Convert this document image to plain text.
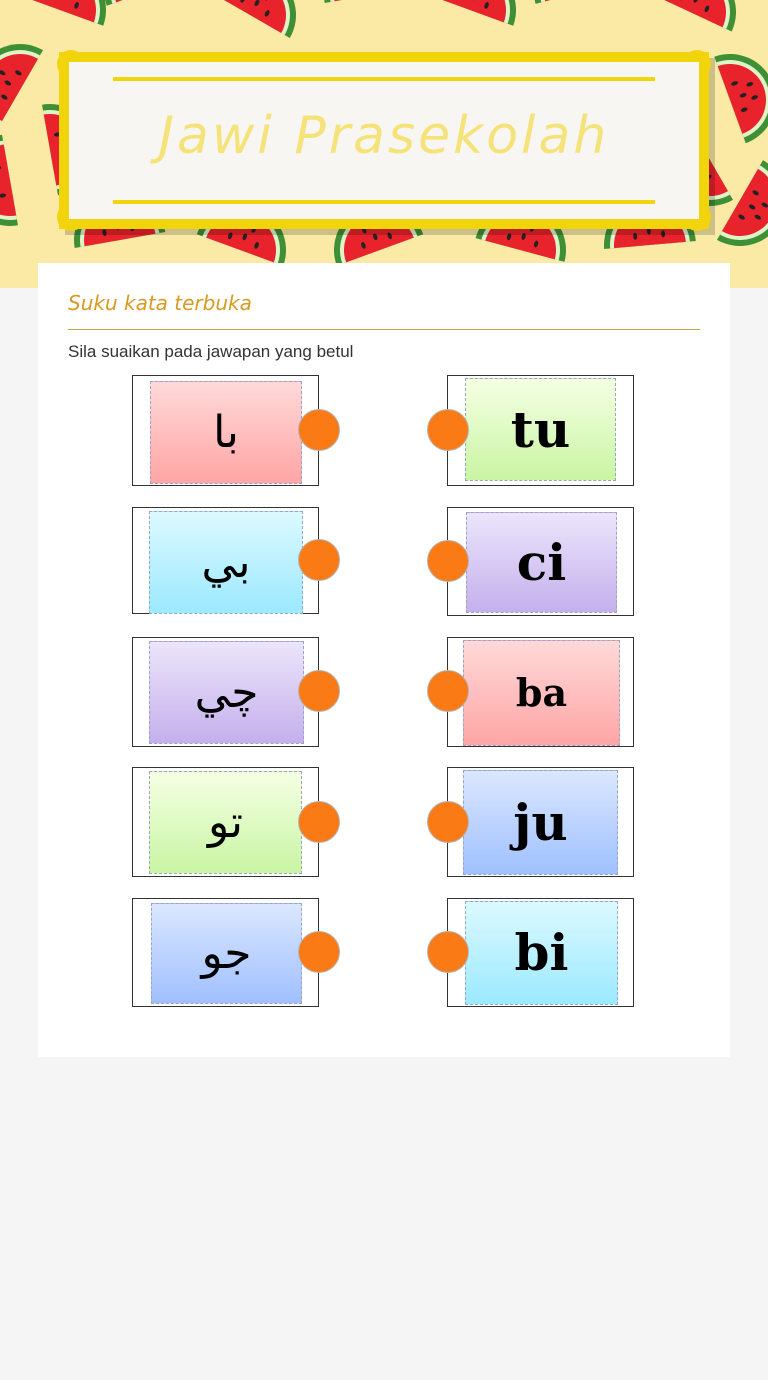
Jawi Prasekolah
Suku kata terbuka
Sila suaikan pada jawapan yang betul
با
بي
چي
تو
جو
tu
ci
ba
ju
bi
